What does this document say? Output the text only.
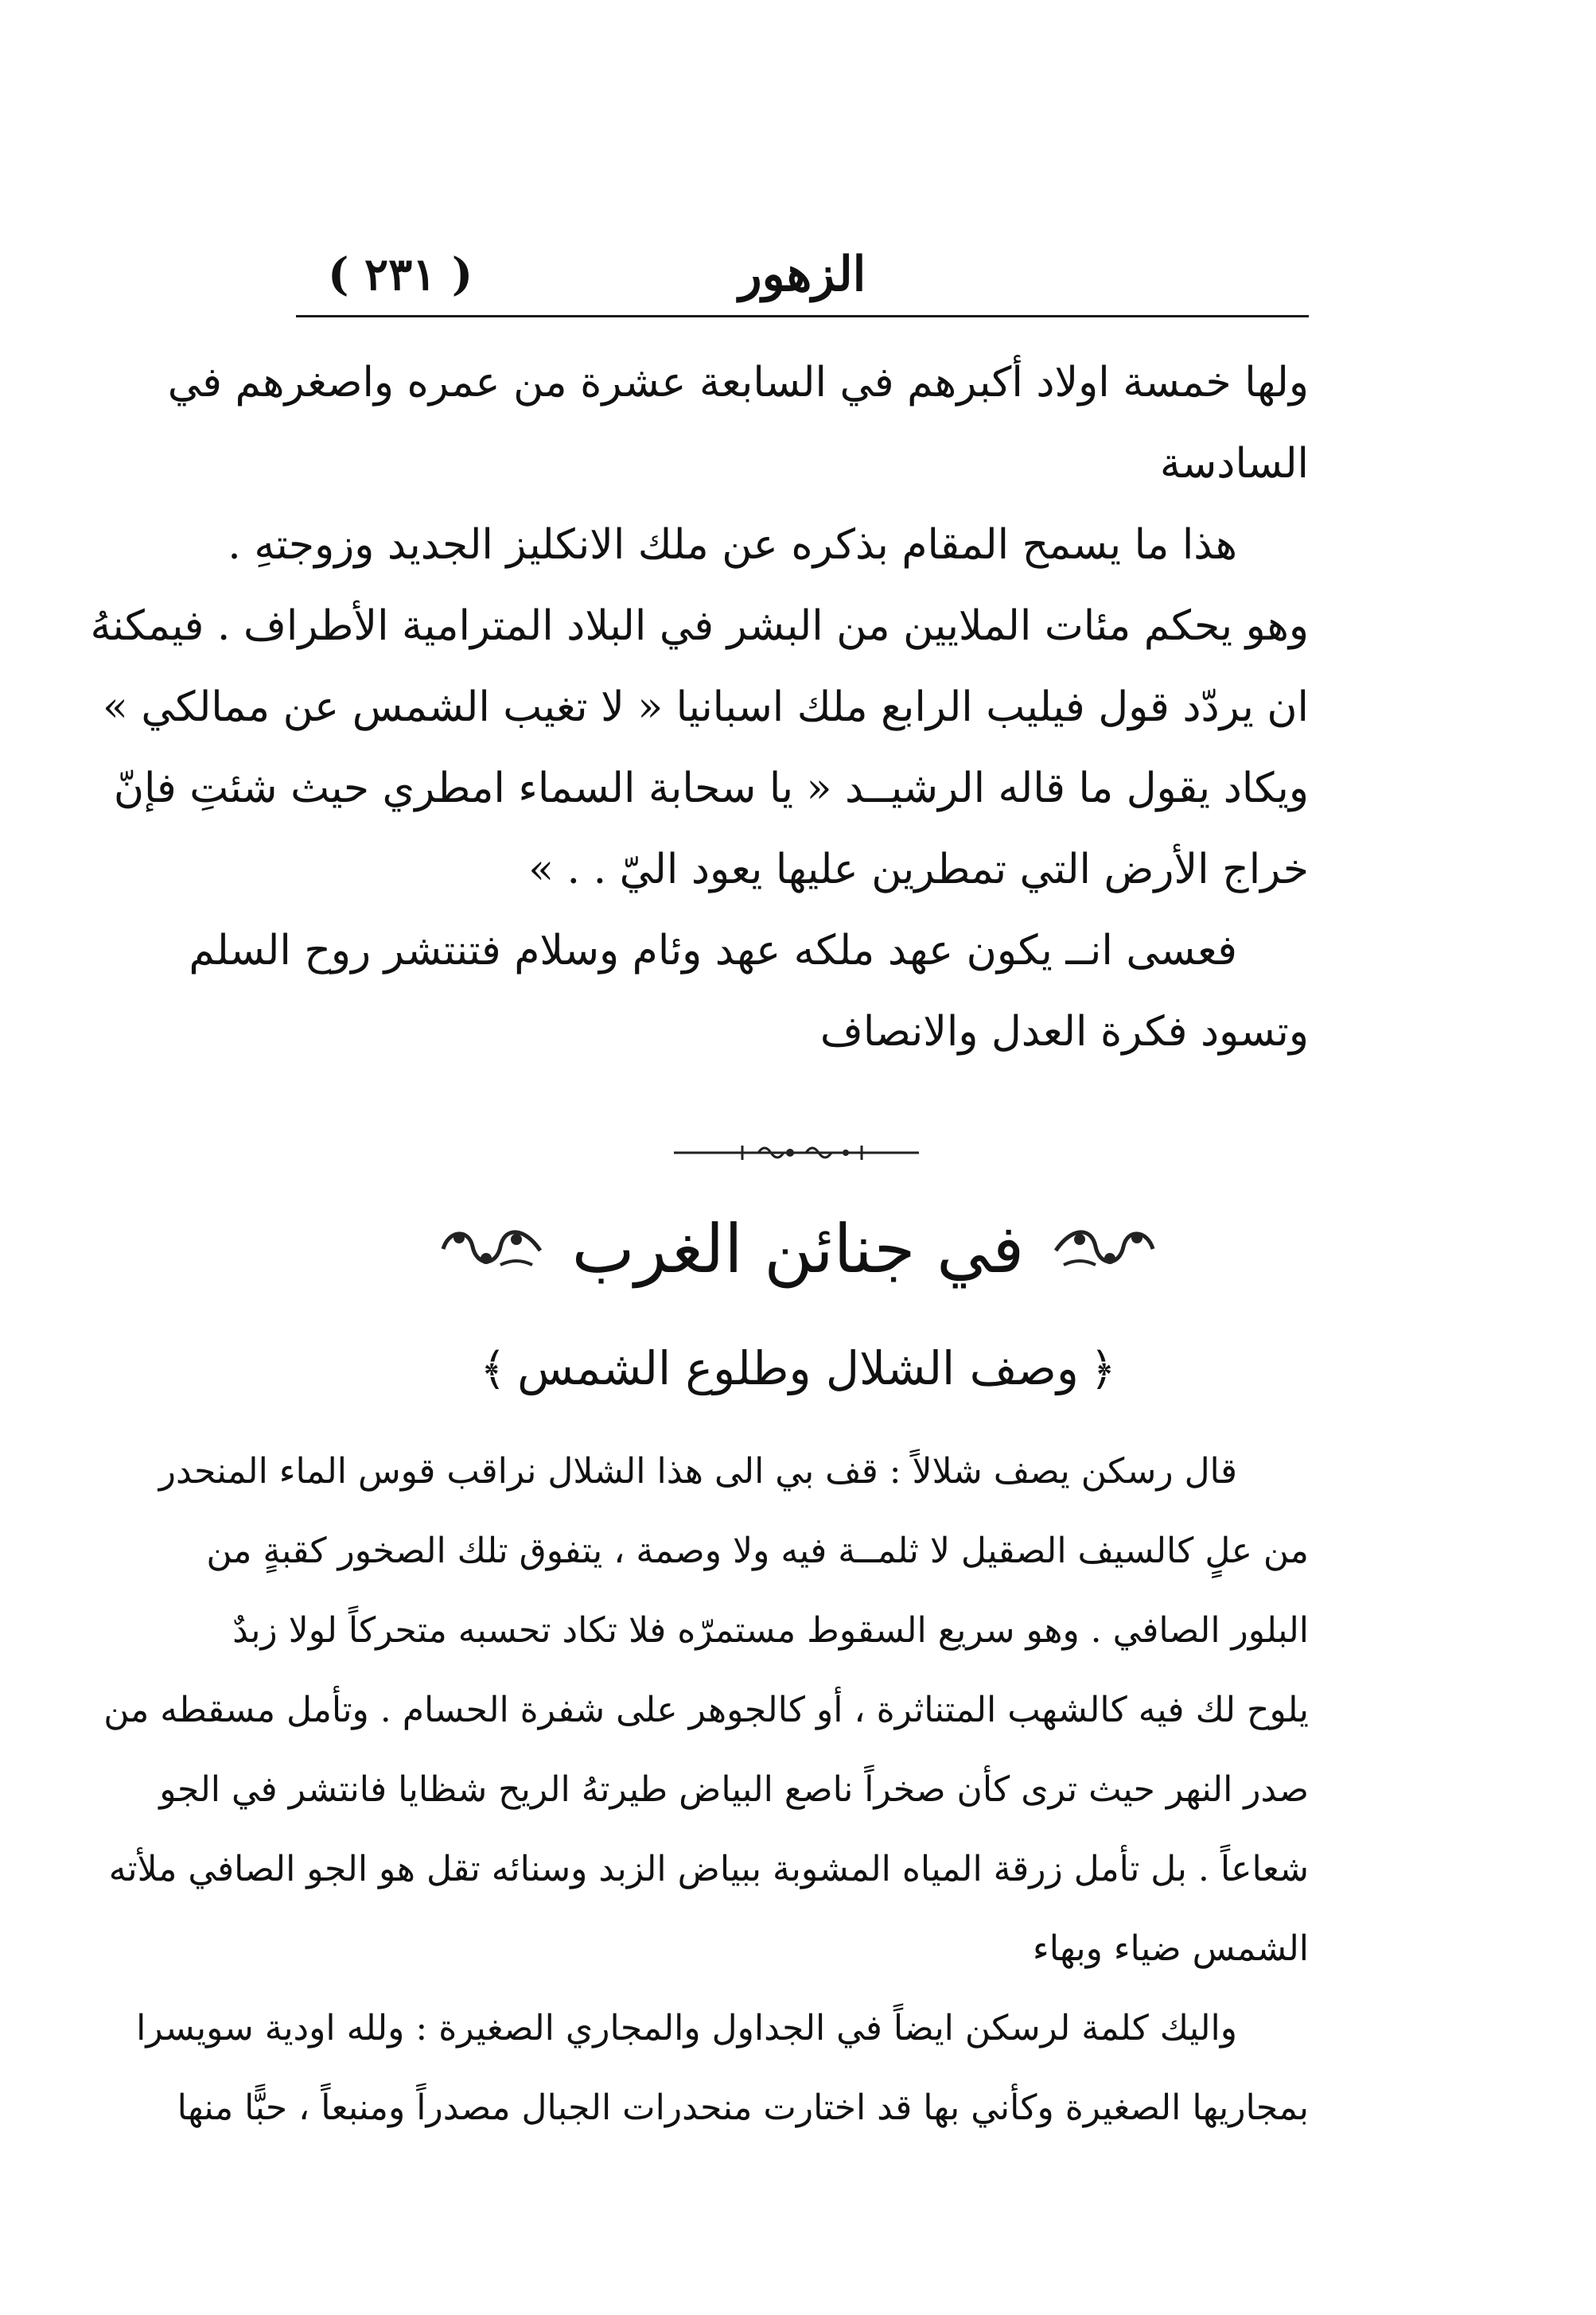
الزهور
( ٢٣١ )
ولها خمسة اولاد أكبرهم في السابعة عشرة من عمره واصغرهم في
السادسة
هذا ما يسمح المقام بذكره عن ملك الانكليز الجديد وزوجتهِ .
وهو يحكم مئات الملايين من البشر في البلاد المترامية الأطراف . فيمكنهُ
ان يردّد قول فيليب الرابع ملك اسبانيا « لا تغيب الشمس عن ممالكي »
ويكاد يقول ما قاله الرشيــد « يا سحابة السماء امطري حيث شئتِ فإنّ
خراج الأرض التي تمطرين عليها يعود اليّ . . »
فعسى انــ يكون عهد ملكه عهد وئام وسلام فتنتشر روح السلم
وتسود فكرة العدل والانصاف
في جنائن الغرب
﴿وصف الشلال وطلوع الشمس﴾
قال رسكن يصف شلالاً : قف بي الى هذا الشلال نراقب قوس الماء المنحدر
من علٍ كالسيف الصقيل لا ثلمــة فيه ولا وصمة ، يتفوق تلك الصخور كقبةٍ من
البلور الصافي . وهو سريع السقوط مستمرّه فلا تكاد تحسبه متحركاً لولا زبدٌ
يلوح لك فيه كالشهب المتناثرة ، أو كالجوهر على شفرة الحسام . وتأمل مسقطه من
صدر النهر حيث ترى كأن صخراً ناصع البياض طيرتهُ الريح شظايا فانتشر في الجو
شعاعاً . بل تأمل زرقة المياه المشوبة ببياض الزبد وسنائه تقل هو الجو الصافي ملأته
الشمس ضياء وبهاء
واليك كلمة لرسكن ايضاً في الجداول والمجاري الصغيرة : ولله اودية سويسرا
بمجاريها الصغيرة وكأني بها قد اختارت منحدرات الجبال مصدراً ومنبعاً ، حبًّا منها
